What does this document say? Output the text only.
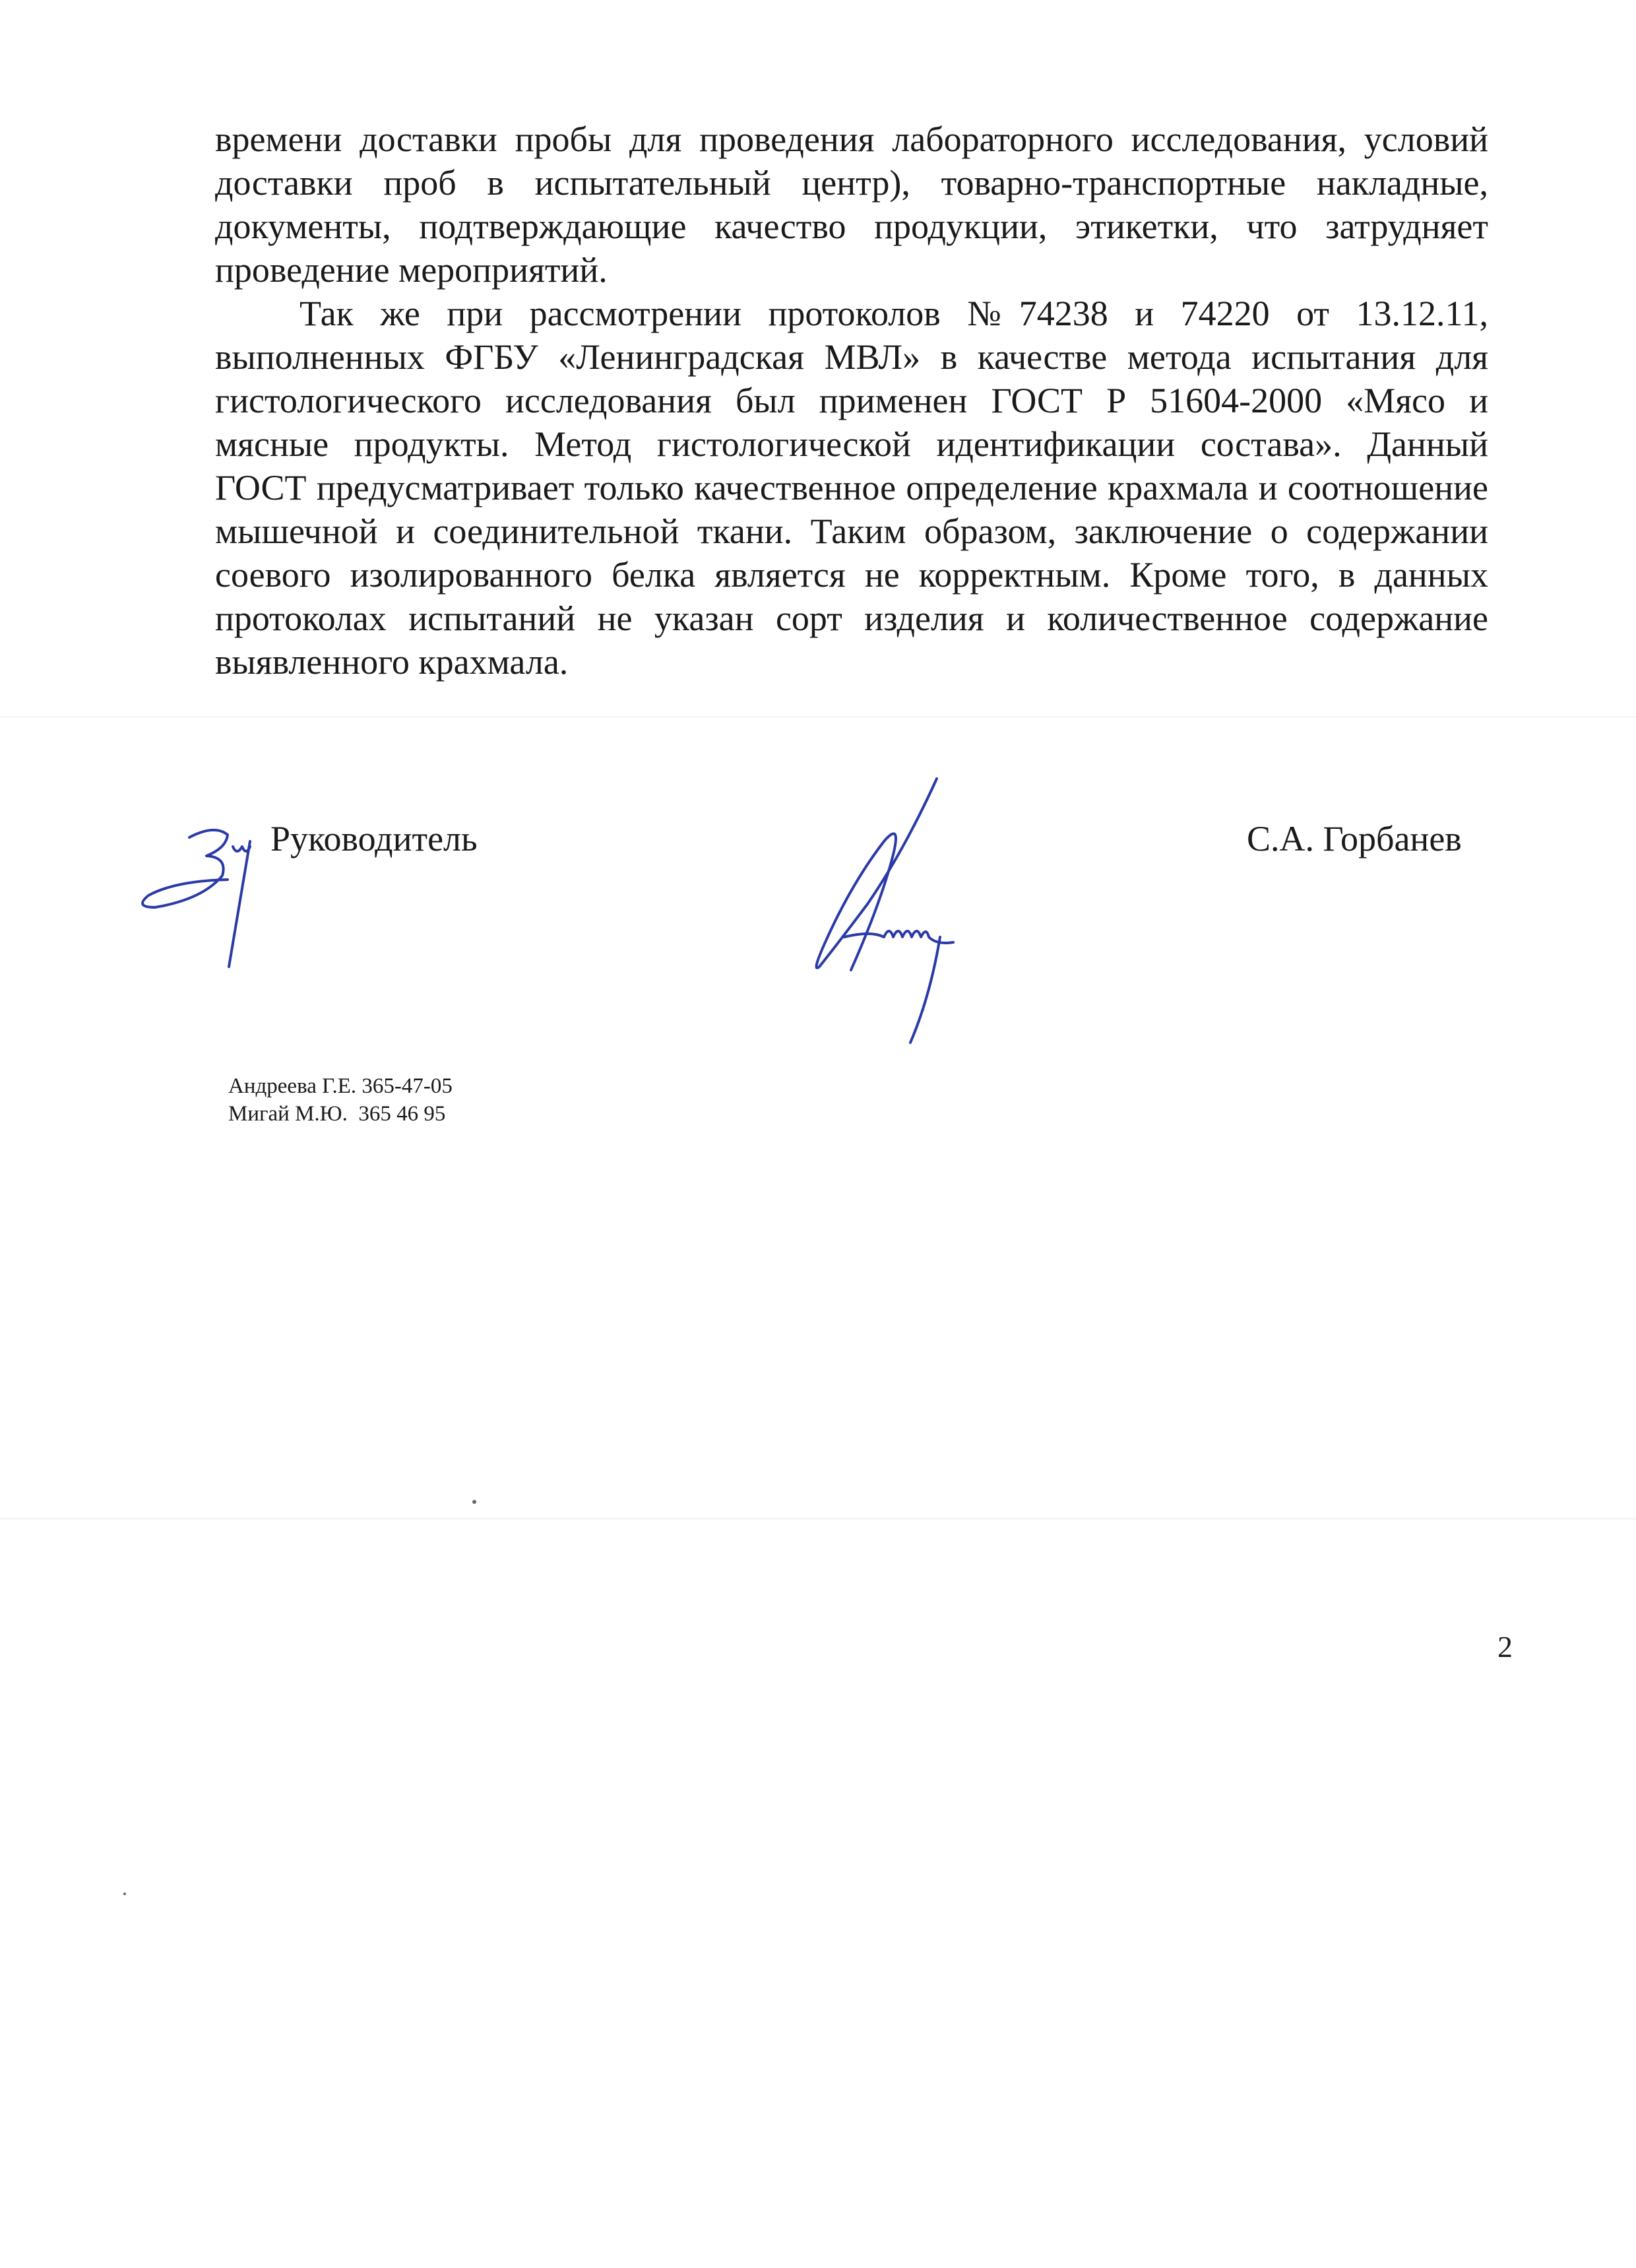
времени доставки пробы для проведения лабораторного исследования, условий доставки проб в испытательный центр), товарно-транспортные накладные, документы, подтверждающие качество продукции, этикетки, что затрудняет проведение мероприятий.

Так же при рассмотрении протоколов №74238 и 74220 от 13.12.11, выполненных ФГБУ «Ленинградская МВЛ» в качестве метода испытания для гистологического исследования был применен ГОСТ Р 51604-2000 «Мясо и мясные продукты. Метод гистологической идентификации состава». Данный ГОСТ предусматривает только качественное определение крахмала и соотношение мышечной и соединительной ткани. Таким образом, заключение о содержании соевого изолированного белка является не корректным. Кроме того, в данных протоколах испытаний не указан сорт изделия и количественное содержание выявленного крахмала.

Руководитель	С.А. Горбанев
Андреева Г.Е. 365-47-05
Мигай М.Ю.  365 46 95
2
